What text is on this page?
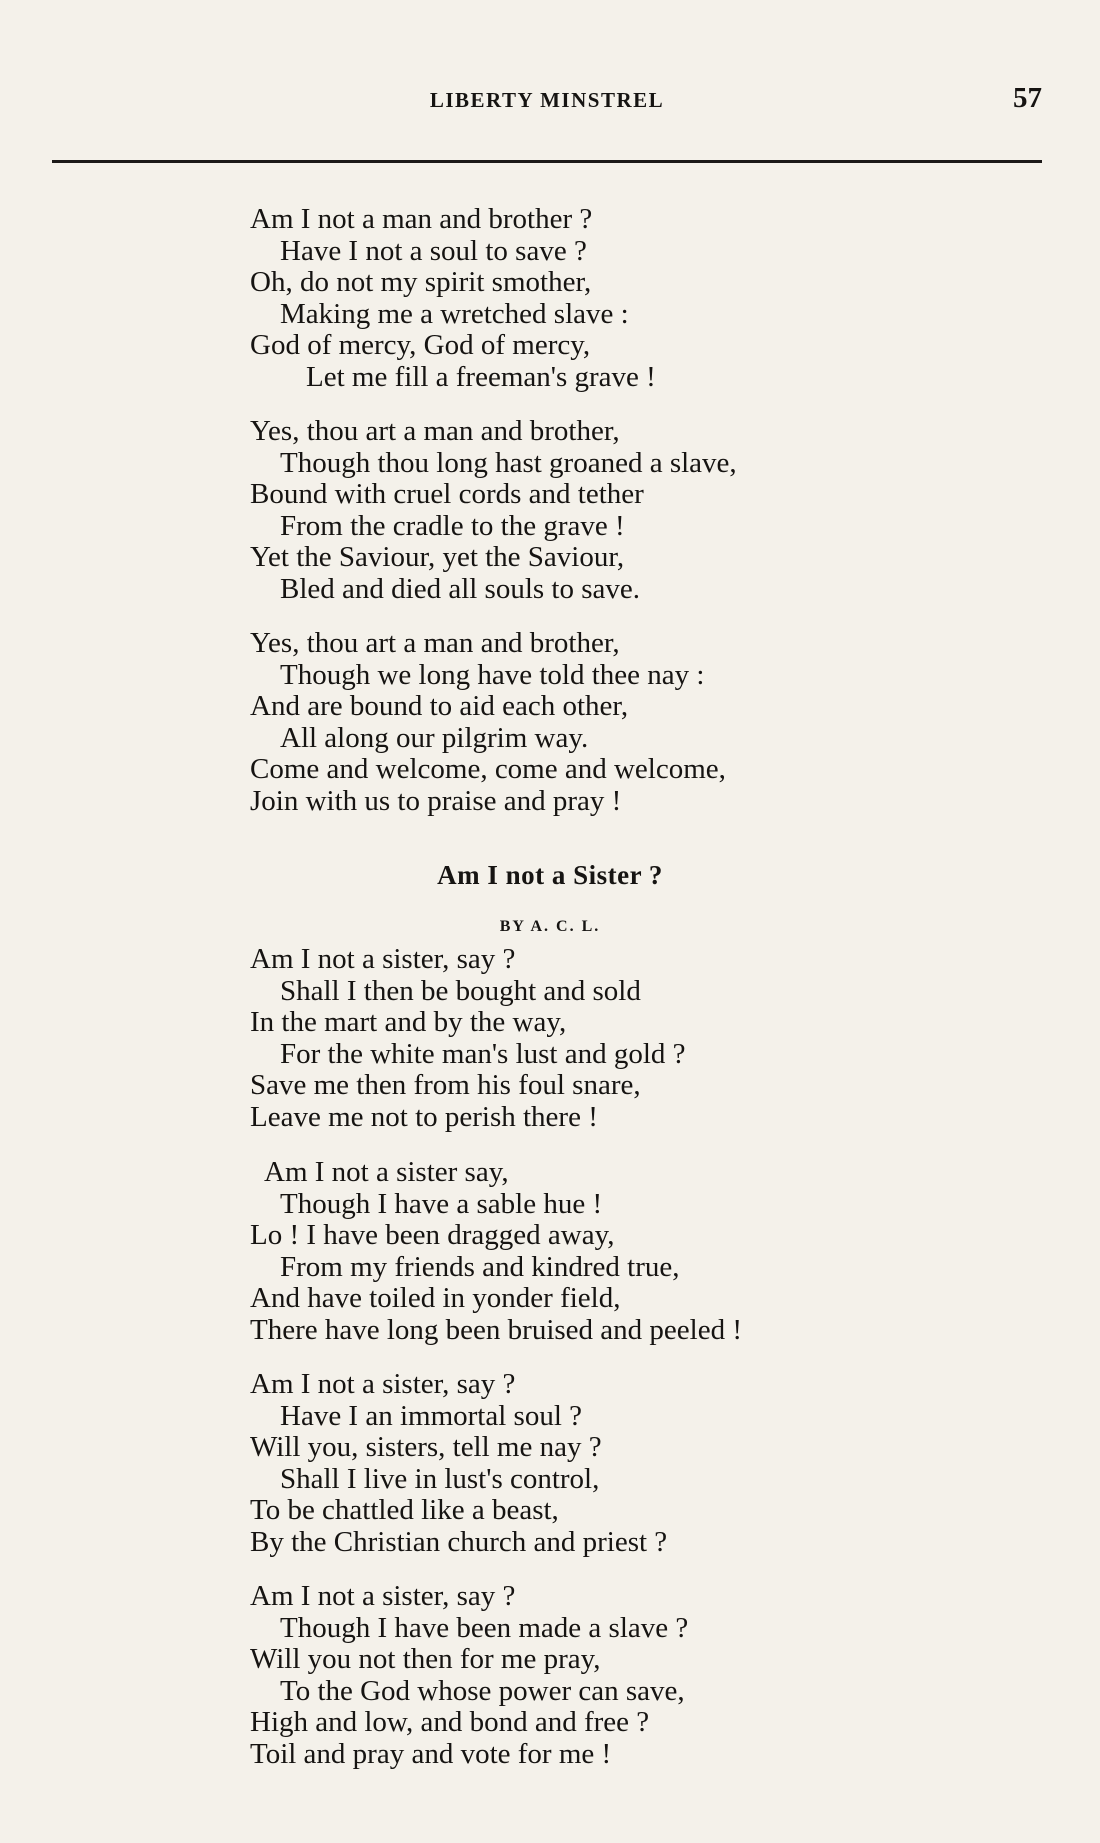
LIBERTY MINSTREL	57
Am I not a man and brother ?
Have I not a soul to save ?
Oh, do not my spirit smother,
Making me a wretched slave :
God of mercy, God of mercy,
Let me fill a freeman's grave !
Yes, thou art a man and brother,
Though thou long hast groaned a slave,
Bound with cruel cords and tether
From the cradle to the grave !
Yet the Saviour, yet the Saviour,
Bled and died all souls to save.
Yes, thou art a man and brother,
Though we long have told thee nay :
And are bound to aid each other,
All along our pilgrim way.
Come and welcome, come and welcome,
Join with us to praise and pray !
Am I not a Sister ?
BY A. C. L.
Am I not a sister, say ?
Shall I then be bought and sold
In the mart and by the way,
For the white man's lust and gold ?
Save me then from his foul snare,
Leave me not to perish there !
Am I not a sister say,
Though I have a sable hue !
Lo ! I have been dragged away,
From my friends and kindred true,
And have toiled in yonder field,
There have long been bruised and peeled !
Am I not a sister, say ?
Have I an immortal soul ?
Will you, sisters, tell me nay ?
Shall I live in lust's control,
To be chattled like a beast,
By the Christian church and priest ?
Am I not a sister, say ?
Though I have been made a slave ?
Will you not then for me pray,
To the God whose power can save,
High and low, and bond and free ?
Toil and pray and vote for me !
